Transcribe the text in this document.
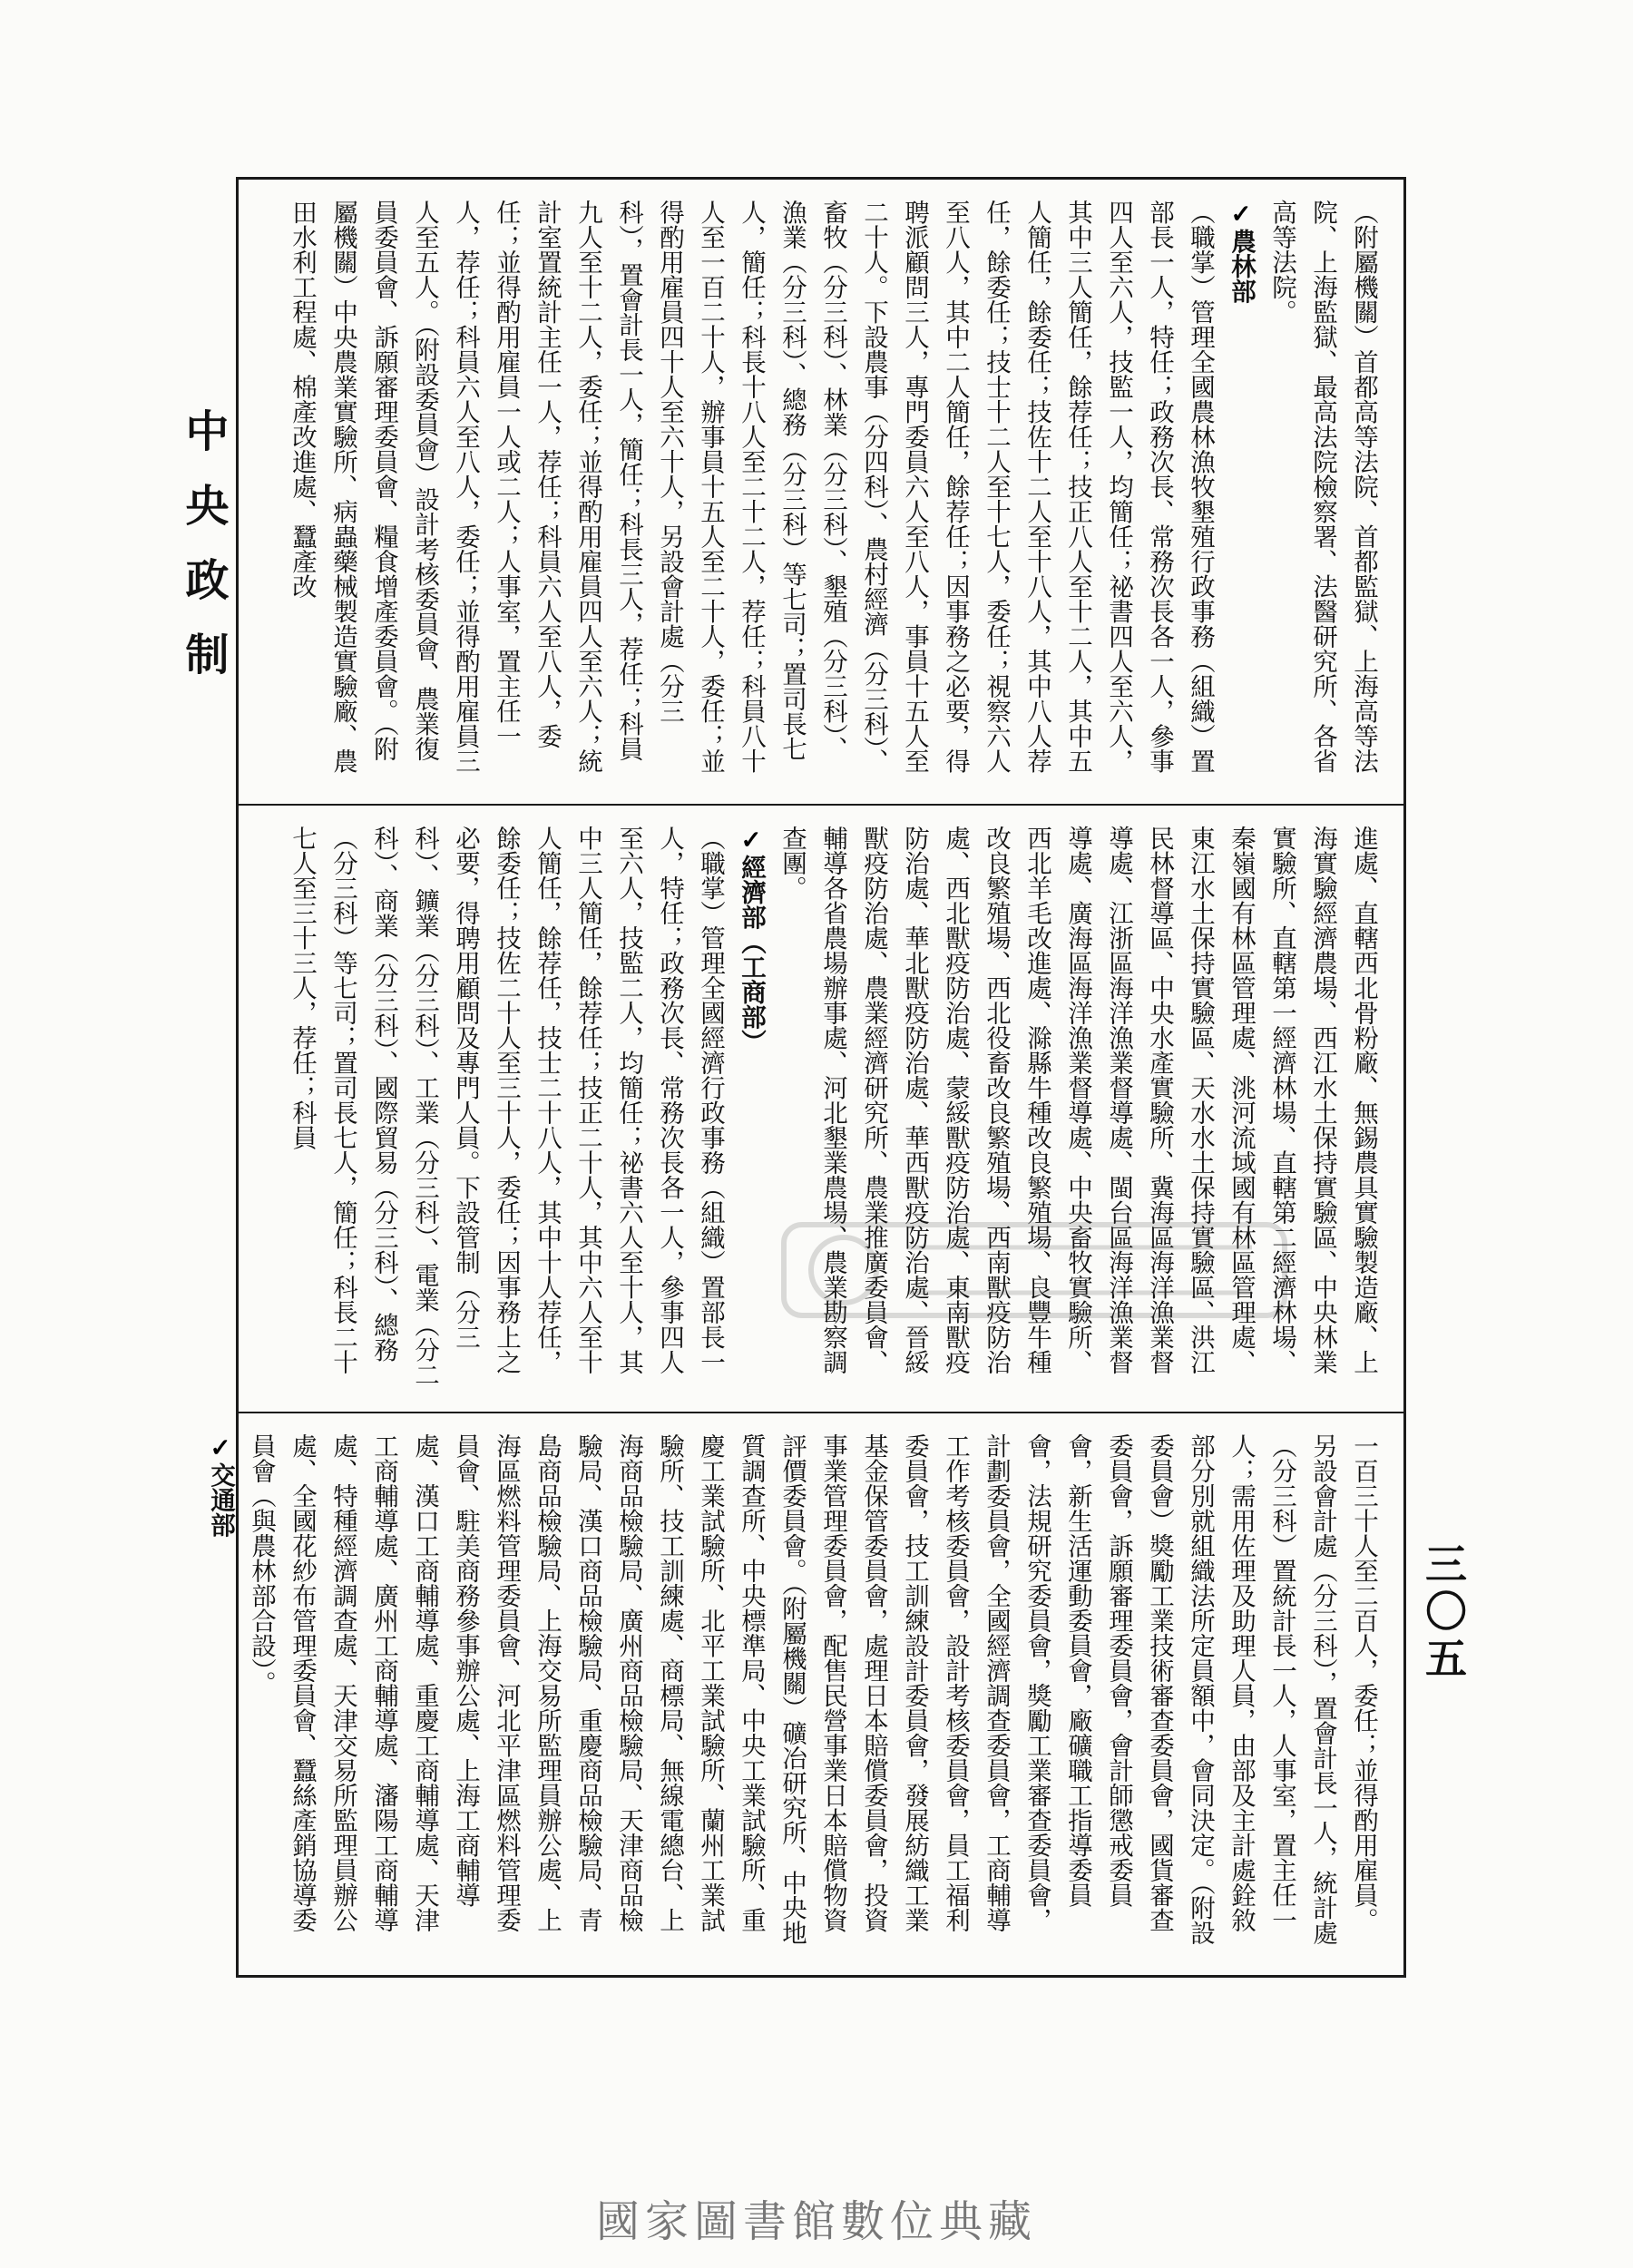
中央政制	（附屬機關）首都高等法院、首都監獄、上海高等法院、上海監獄、最高法院檢察署、法醫研究所、各省高等法院。
✓農林部
（職掌）管理全國農林漁牧墾殖行政事務（組織）置部長一人，特任；政務次長、常務次長各一人，參事四人至六人，技監一人，均簡任；祕書四人至六人，其中三人簡任，餘荐任；技正八人至十二人，其中五人簡任，餘委任；技佐十二人至十八人，其中八人荐任，餘委任；技士十二人至十七人，委任；視察六人至八人，其中二人簡任，餘荐任；因事務之必要，得聘派顧問三人，專門委員六人至八人，事員十五人至二十人。下設農事（分四科）、農村經濟（分三科）、畜牧（分三科）、林業（分三科）、墾殖（分三科）、漁業（分三科）、總務（分三科）等七司；置司長七人，簡任；科長十八人至二十二人，荐任；科員八十人至一百二十人，辦事員十五人至二十人，委任；並得酌用雇員四十人至六十人，另設會計處（分三科），置會計長一人，簡任；科長三人，荐任；科員九人至十二人，委任；並得酌用雇員四人至六人；統計室置統計主任一人，荐任；科員六人至八人，委任；並得酌用雇員一人或二人；人事室，置主任一人，荐任；科員六人至八人，委任；並得酌用雇員三人至五人。（附設委員會）設計考核委員會、農業復員委員會、訴願審理委員會、糧食增產委員會。（附屬機關）中央農業實驗所、病蟲藥械製造實驗廠、農田水利工程處、棉產改進處、蠶產改
進處、直轄西北骨粉廠、無錫農具實驗製造廠、上海實驗經濟農場、西江水土保持實驗區、中央林業實驗所、直轄第一經濟林場、直轄第二經濟林場、秦嶺國有林區管理處、洮河流域國有林區管理處、東江水土保持實驗區、天水水土保持實驗區、洪江民林督導區、中央水產實驗所、冀海區海洋漁業督導處、江浙區海洋漁業督導處、閩台區海洋漁業督導處、廣海區海洋漁業督導處、中央畜牧實驗所、西北羊毛改進處、滁縣牛種改良繁殖場、良豐牛種改良繁殖場、西北役畜改良繁殖場、西南獸疫防治處、西北獸疫防治處、蒙綏獸疫防治處、東南獸疫防治處、華北獸疫防治處、華西獸疫防治處、晉綏獸疫防治處、農業經濟研究所、農業推廣委員會、輔導各省農場辦事處、河北墾業農場、農業勘察調查團。
✓經濟部（工商部）
（職掌）管理全國經濟行政事務（組織）置部長一人，特任；政務次長、常務次長各一人，參事四人至六人，技監二人，均簡任；祕書六人至十人，其中三人簡任，餘荐任；技正二十人，其中六人至十人簡任，餘荐任，技士二十八人，其中十人荐任，餘委任；技佐二十人至三十人，委任；因事務上之必要，得聘用顧問及專門人員。下設管制（分三科）、鑛業（分三科）、工業（分三科）、電業（分二科）、商業（分三科）、國際貿易（分三科）、總務（分三科）等七司；置司長七人，簡任；科長二十七人至三十三人，荐任；科員
一百三十人至二百人，委任；並得酌用雇員。另設會計處（分三科），置會計長一人，統計處（分三科）置統計長一人，人事室，置主任一人；需用佐理及助理人員，由部及主計處銓敘部分別就組織法所定員額中，會同決定。（附設委員會）獎勵工業技術審查委員會，國貨審查委員會，訴願審理委員會，會計師懲戒委員會，新生活運動委員會，廠礦職工指導委員會，法規研究委員會，獎勵工業審查委員會，計劃委員會，全國經濟調查委員會，工商輔導工作考核委員會，設計考核委員會，員工福利委員會，技工訓練設計委員會，發展紡織工業基金保管委員會，處理日本賠償委員會，投資事業管理委員會，配售民營事業日本賠償物資評價委員會。（附屬機關）礦冶研究所、中央地質調查所、中央標準局、中央工業試驗所、重慶工業試驗所、北平工業試驗所、蘭州工業試驗所、技工訓練處、商標局、無線電總台、上海商品檢驗局、廣州商品檢驗局、天津商品檢驗局、漢口商品檢驗局、重慶商品檢驗局、青島商品檢驗局、上海交易所監理員辦公處、上海區燃料管理委員會、河北平津區燃料管理委員會、駐美商務參事辦公處、上海工商輔導處、漢口工商輔導處、重慶工商輔導處、天津工商輔導處、廣州工商輔導處、瀋陽工商輔導處、特種經濟調查處、天津交易所監理員辦公處、全國花紗布管理委員會、蠶絲產銷協導委員會（與農林部合設）。
✓交通部
三〇五
國家圖書館數位典藏
